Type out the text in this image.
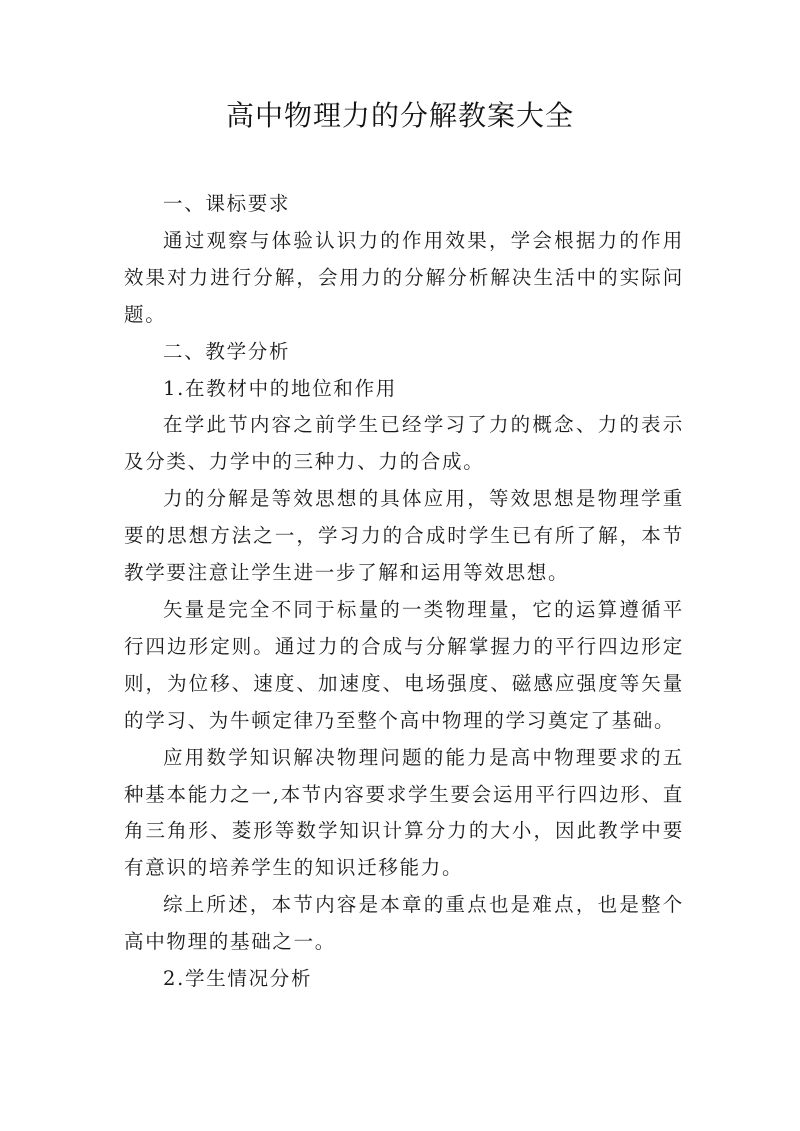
高中物理力的分解教案大全

一、课标要求

通过观察与体验认识力的作用效果，学会根据力的作用效果对力进行分解，会用力的分解分析解决生活中的实际问题。

二、教学分析

1.在教材中的地位和作用

在学此节内容之前学生已经学习了力的概念、力的表示及分类、力学中的三种力、力的合成。

力的分解是等效思想的具体应用，等效思想是物理学重要的思想方法之一，学习力的合成时学生已有所了解，本节教学要注意让学生进一步了解和运用等效思想。

矢量是完全不同于标量的一类物理量，它的运算遵循平行四边形定则。通过力的合成与分解掌握力的平行四边形定则，为位移、速度、加速度、电场强度、磁感应强度等矢量的学习、为牛顿定律乃至整个高中物理的学习奠定了基础。

应用数学知识解决物理问题的能力是高中物理要求的五种基本能力之一,本节内容要求学生要会运用平行四边形、直角三角形、菱形等数学知识计算分力的大小，因此教学中要有意识的培养学生的知识迁移能力。

综上所述，本节内容是本章的重点也是难点，也是整个高中物理的基础之一。

2.学生情况分析
